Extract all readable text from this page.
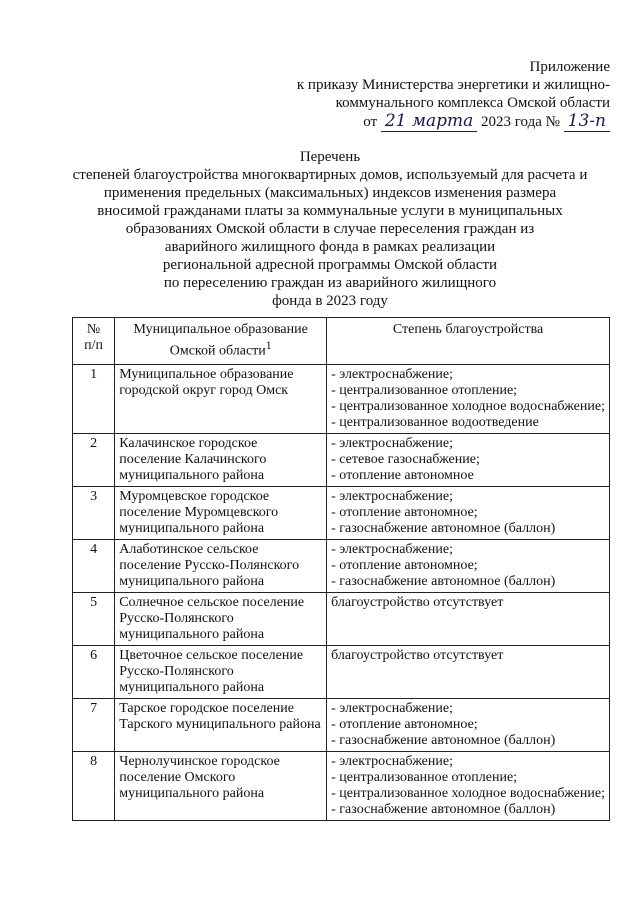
Приложение
к приказу Министерства энергетики и жилищно-
коммунального комплекса Омской области
от 21 марта 2023 года № 13-п
Перечень
степеней благоустройства многоквартирных домов, используемый для расчета и
применения предельных (максимальных) индексов изменения размера
вносимой гражданами платы за коммунальные услуги в муниципальных
образованиях Омской области в случае переселения граждан из
аварийного жилищного фонда в рамках реализации
региональной адресной программы Омской области
по переселению граждан из аварийного жилищного
фонда в 2023 году
№
п/п	Муниципальное образование Омской области$^1$	Степень благоустройства
1	Муниципальное образование городской округ город Омск	- электроснабжение;
- централизованное отопление;
- централизованное холодное водоснабжение;
- централизованное водоотведение

2	Калачинское городское поселение Калачинского муниципального района	- электроснабжение;
- сетевое газоснабжение;
- отопление автономное

3	Муромцевское городское поселение Муромцевского муниципального района	- электроснабжение;
- отопление автономное;
- газоснабжение автономное (баллон)

4	Алаботинское сельское поселение Русско-Полянского муниципального района	- электроснабжение;
- отопление автономное;
- газоснабжение автономное (баллон)

5	Солнечное сельское поселение Русско-Полянского муниципального района	благоустройство отсутствует

6	Цветочное сельское поселение Русско-Полянского муниципального района	благоустройство отсутствует

7	Тарское городское поселение Тарского муниципального района	- электроснабжение;
- отопление автономное;
- газоснабжение автономное (баллон)

8	Чернолучинское городское поселение Омского муниципального района	- электроснабжение;
- централизованное отопление;
- централизованное холодное водоснабжение;
- газоснабжение автономное (баллон)
